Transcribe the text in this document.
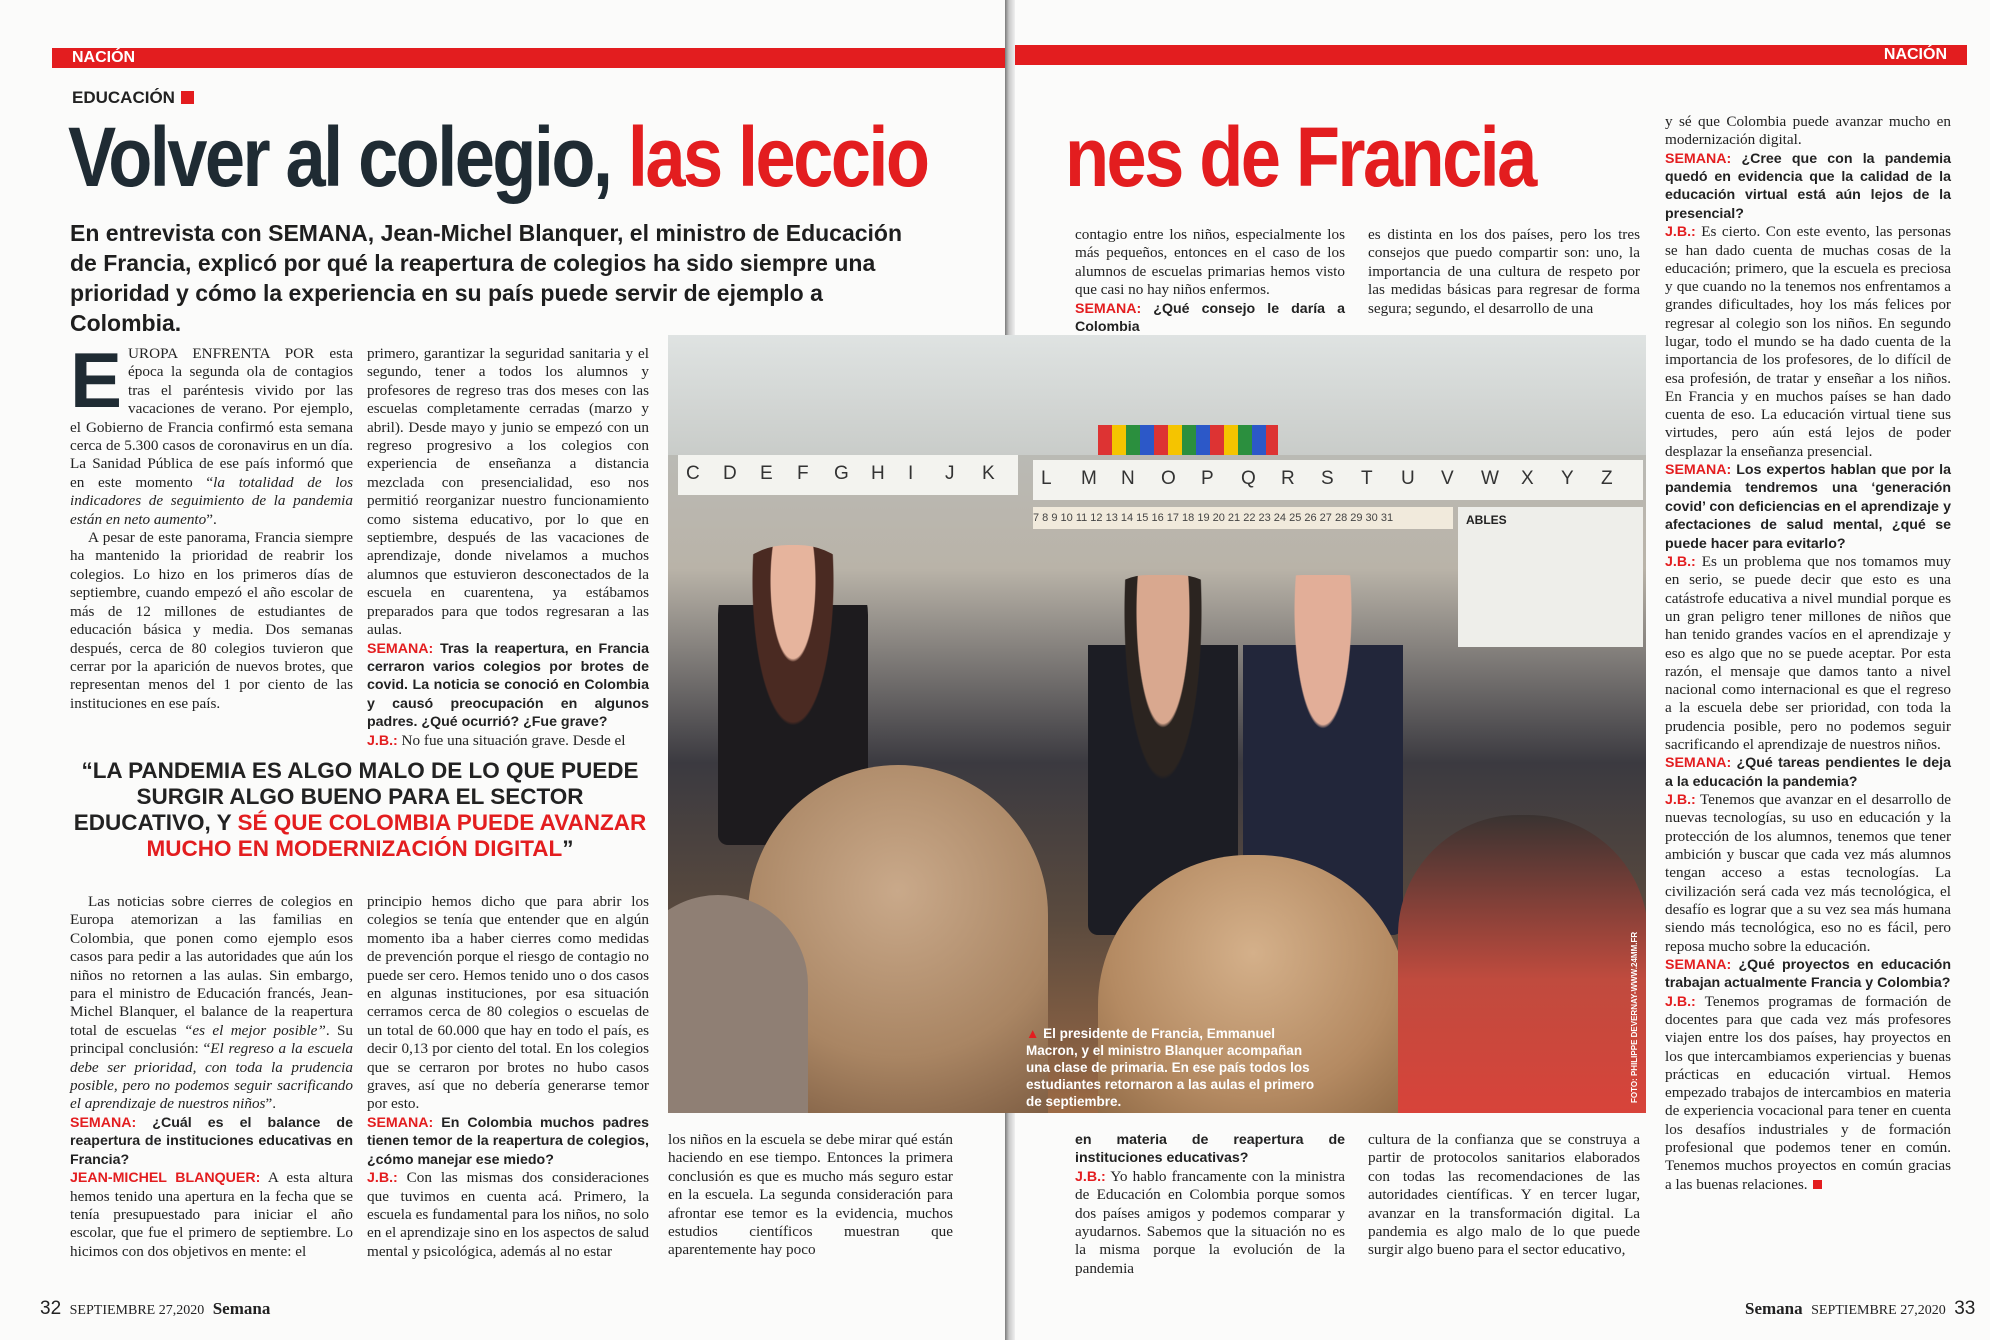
NACIÓN
EDUCACIÓN
Volver al colegio, las leccio
En entrevista con SEMANA, Jean-Michel Blanquer, el ministro de Educación de Francia, explicó por qué la reapertura de colegios ha sido siempre una prioridad y cómo la experiencia en su país puede servir de ejemplo a Colombia.

EUROPA ENFRENTA POR esta época la segunda ola de contagios tras el paréntesis vivido por las vacaciones de verano. Por ejemplo, el Gobierno de Francia confirmó esta semana cerca de 5.300 casos de coronavirus en un día. La Sanidad Pública de ese país informó que en este momento “la totalidad de los indicadores de seguimiento de la pandemia están en neto aumento”.

A pesar de este panorama, Francia siempre ha mantenido la prioridad de reabrir los colegios. Lo hizo en los primeros días de septiembre, cuando empezó el año escolar de más de 12 millones de estudiantes de educación básica y media. Dos semanas después, cerca de 80 colegios tuvieron que cerrar por la aparición de nuevos brotes, que representan menos del 1 por ciento de las instituciones en ese país.

primero, garantizar la seguridad sanitaria y el segundo, tener a todos los alumnos y profesores de regreso tras dos meses con las escuelas completamente cerradas (marzo y abril). Desde mayo y junio se empezó con un regreso progresivo a los colegios con experiencia de enseñanza a distancia mezclada con presencialidad, eso nos permitió reorganizar nuestro funcionamiento como sistema educativo, por lo que en septiembre, después de las vacaciones de aprendizaje, donde nivelamos a muchos alumnos que estuvieron desconectados de la escuela en cuarentena, ya estábamos preparados para que todos regresaran a las aulas.

SEMANA: Tras la reapertura, en Francia cerraron varios colegios por brotes de covid. La noticia se conoció en Colombia y causó preocupación en algunos padres. ¿Qué ocurrió? ¿Fue grave?

J.B.: No fue una situación grave. Desde el

“LA PANDEMIA ES ALGO MALO DE LO QUE PUEDE SURGIR ALGO BUENO PARA EL SECTOR EDUCATIVO, Y SÉ QUE COLOMBIA PUEDE AVANZAR MUCHO EN MODERNIZACIÓN DIGITAL”

Las noticias sobre cierres de colegios en Europa atemorizan a las familias en Colombia, que ponen como ejemplo esos casos para pedir a las autoridades que aún los niños no retornen a las aulas. Sin embargo, para el ministro de Educación francés, Jean-Michel Blanquer, el balance de la reapertura total de escuelas “es el mejor posible”. Su principal conclusión: “El regreso a la escuela debe ser prioridad, con toda la prudencia posible, pero no podemos seguir sacrificando el aprendizaje de nuestros niños”.

SEMANA: ¿Cuál es el balance de reapertura de instituciones educativas en Francia?

JEAN-MICHEL BLANQUER: A esta altura hemos tenido una apertura en la fecha que se tenía presupuestado para iniciar el año escolar, que fue el primero de septiembre. Lo hicimos con dos objetivos en mente: el

principio hemos dicho que para abrir los colegios se tenía que entender que en algún momento iba a haber cierres como medidas de prevención porque el riesgo de contagio no puede ser cero. Hemos tenido uno o dos casos en algunas instituciones, por esa situación cerramos cerca de 80 colegios o escuelas de un total de 60.000 que hay en todo el país, es decir 0,13 por ciento del total. En los colegios que se cerraron por brotes no hubo casos graves, así que no debería generarse temor por esto.

SEMANA: En Colombia muchos padres tienen temor de la reapertura de colegios, ¿cómo manejar ese miedo?

J.B.: Con las mismas dos consideraciones que tuvimos en cuenta acá. Primero, la escuela es fundamental para los niños, no solo en el aprendizaje sino en los aspectos de salud mental y psicológica, además al no estar

los niños en la escuela se debe mirar qué están haciendo en ese tiempo. Entonces la primera conclusión es que es mucho más seguro estar en la escuela. La segunda consideración para afrontar ese temor es la evidencia, muchos estudios científicos muestran que aparentemente hay poco

32 SEPTIEMBRE 27,2020 Semana
NACIÓN
nes de Francia

contagio entre los niños, especialmente los más pequeños, entonces en el caso de los alumnos de escuelas primarias hemos visto que casi no hay niños enfermos.

SEMANA: ¿Qué consejo le daría a Colombia

es distinta en los dos países, pero los tres consejos que puedo compartir son: uno, la importancia de una cultura de respeto por las medidas básicas para regresar de forma segura; segundo, el desarrollo de una

en materia de reapertura de instituciones educativas?

J.B.: Yo hablo francamente con la ministra de Educación en Colombia porque somos dos países amigos y podemos comparar y ayudarnos. Sabemos que la situación no es la misma porque la evolución de la pandemia

cultura de la confianza que se construya a partir de protocolos sanitarios elaborados con todas las recomendaciones de las autoridades científicas. Y en tercer lugar, avanzar en la transformación digital. La pandemia es algo malo de lo que puede surgir algo bueno para el sector educativo,

y sé que Colombia puede avanzar mucho en modernización digital.

SEMANA: ¿Cree que con la pandemia quedó en evidencia que la calidad de la educación virtual está aún lejos de la presencial?

J.B.: Es cierto. Con este evento, las personas se han dado cuenta de muchas cosas de la educación; primero, que la escuela es preciosa y que cuando no la tenemos nos enfrentamos a grandes dificultades, hoy los más felices por regresar al colegio son los niños. En segundo lugar, todo el mundo se ha dado cuenta de la importancia de los profesores, de lo difícil de esa profesión, de tratar y enseñar a los niños. En Francia y en muchos países se han dado cuenta de eso. La educación virtual tiene sus virtudes, pero aún está lejos de poder desplazar la enseñanza presencial.

SEMANA: Los expertos hablan que por la pandemia tendremos una ‘generación covid’ con deficiencias en el aprendizaje y afectaciones de salud mental, ¿qué se puede hacer para evitarlo?

J.B.: Es un problema que nos tomamos muy en serio, se puede decir que esto es una catástrofe educativa a nivel mundial porque es un gran peligro tener millones de niños que han tenido grandes vacíos en el aprendizaje y eso es algo que no se puede aceptar. Por esta razón, el mensaje que damos tanto a nivel nacional como internacional es que el regreso a la escuela debe ser prioridad, con toda la prudencia posible, pero no podemos seguir sacrificando el aprendizaje de nuestros niños.

SEMANA: ¿Qué tareas pendientes le deja a la educación la pandemia?

J.B.: Tenemos que avanzar en el desarrollo de nuevas tecnologías, su uso en educación y la protección de los alumnos, tenemos que tener ambición y buscar que cada vez más alumnos tengan acceso a estas tecnologías. La civilización será cada vez más tecnológica, el desafío es lograr que a su vez sea más humana siendo más tecnológica, eso no es fácil, pero reposa mucho sobre la educación.

SEMANA: ¿Qué proyectos en educación trabajan actualmente Francia y Colombia?

J.B.: Tenemos programas de formación de docentes para que cada vez más profesores viajen entre los dos países, hay proyectos en los que intercambiamos experiencias y buenas prácticas en educación virtual. Hemos empezado trabajos de intercambios en materia de experiencia vocacional para tener en cuenta los desafíos industriales y de formación profesional que podemos tener en común. Tenemos muchos proyectos en común gracias a las buenas relaciones.

Semana SEPTIEMBRE 27,2020 33
C D E F G H I J K L M N O P Q R S T U V W X Y Z
7 8 9 10 11 12 13 14 15 16 17 18 19 20 21 22 23 24 25 26 27 28 29 30 31	ABLES
▲ El presidente de Francia, Emmanuel Macron, y el ministro Blanquer acompañan una clase de primaria. En ese país todos los estudiantes retornaron a las aulas el primero de septiembre.	FOTO: PHILIPPE DEVERNAY-WWW.24MM.FR
